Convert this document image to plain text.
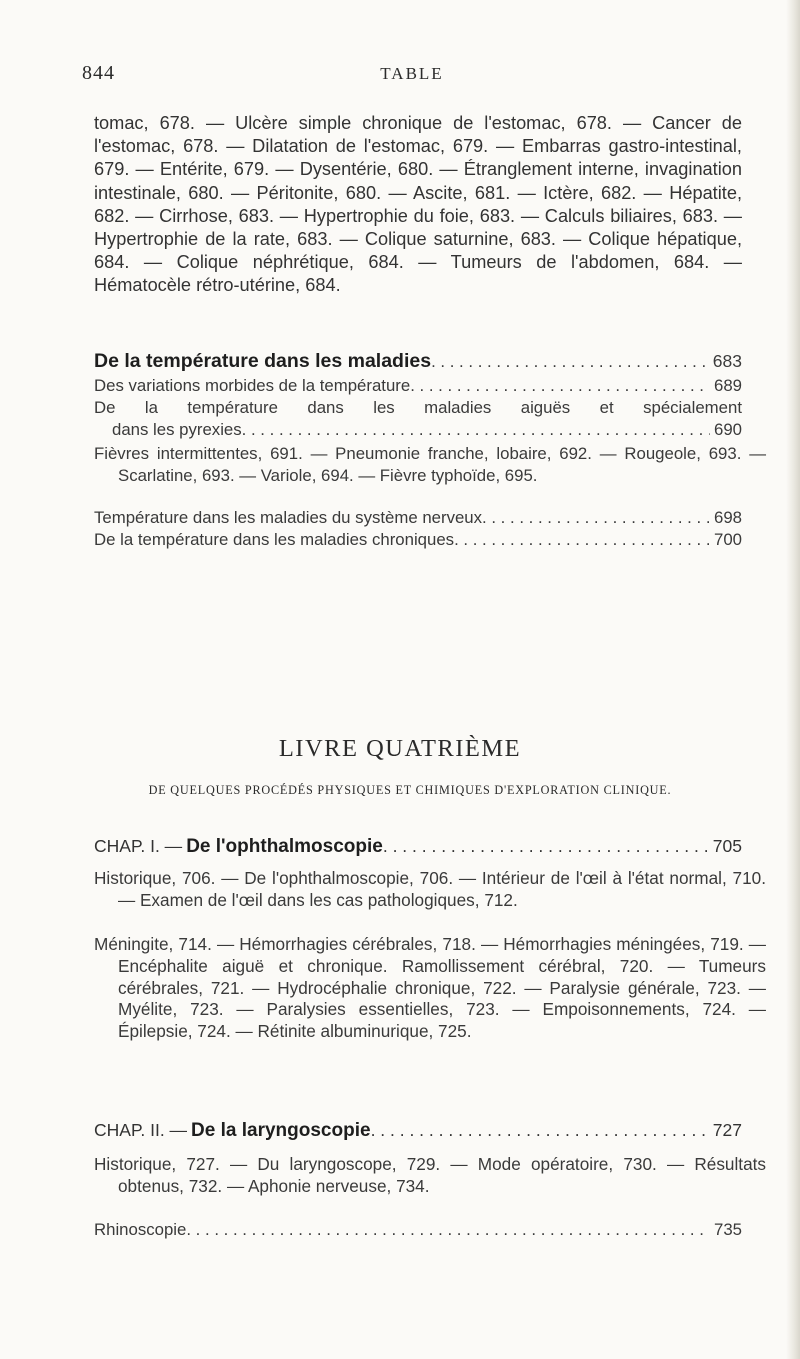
844	TABLE

tomac, 678. — Ulcère simple chronique de l'estomac, 678. — Cancer de l'estomac, 678. — Dilatation de l'estomac, 679. — Embarras gastro-intestinal, 679. — Entérite, 679. — Dysentérie, 680. — Étranglement interne, invagination intestinale, 680. — Péritonite, 680. — Ascite, 681. — Ictère, 682. — Hépatite, 682. — Cirrhose, 683. — Hypertrophie du foie, 683. — Calculs biliaires, 683. — Hypertrophie de la rate, 683. — Colique saturnine, 683. — Colique hépatique, 684. — Colique néphrétique, 684. — Tumeurs de l'abdomen, 684. — Hématocèle rétro-utérine, 684.

De la température dans les maladies . . .	683
Des variations morbides de la température . . .	689
De la température dans les maladies aiguës et spécialement
dans les pyrexies . . .	690

Fièvres intermittentes, 691. — Pneumonie franche, lobaire, 692. — Rougeole, 693. — Scarlatine, 693. — Variole, 694. — Fièvre typhoïde, 695.

Température dans les maladies du système nerveux . . .	698
De la température dans les maladies chroniques . . .	700
LIVRE QUATRIÈME
DE QUELQUES PROCÉDÉS PHYSIQUES ET CHIMIQUES D'EXPLORATION CLINIQUE.
CHAP. I. — De l'ophthalmoscopie . . .	705

Historique, 706. — De l'ophthalmoscopie, 706. — Intérieur de l'œil à l'état normal, 710. — Examen de l'œil dans les cas pathologiques, 712.

Méningite, 714. — Hémorrhagies cérébrales, 718. — Hémorrhagies méningées, 719. — Encéphalite aiguë et chronique. Ramollissement cérébral, 720. — Tumeurs cérébrales, 721. — Hydrocéphalie chronique, 722. — Paralysie générale, 723. — Myélite, 723. — Paralysies essentielles, 723. — Empoisonnements, 724. — Épilepsie, 724. — Rétinite albuminurique, 725.

CHAP. II. — De la laryngoscopie . . .	727

Historique, 727. — Du laryngoscope, 729. — Mode opératoire, 730. — Résultats obtenus, 732. — Aphonie nerveuse, 734.

Rhinoscopie . . .	735
